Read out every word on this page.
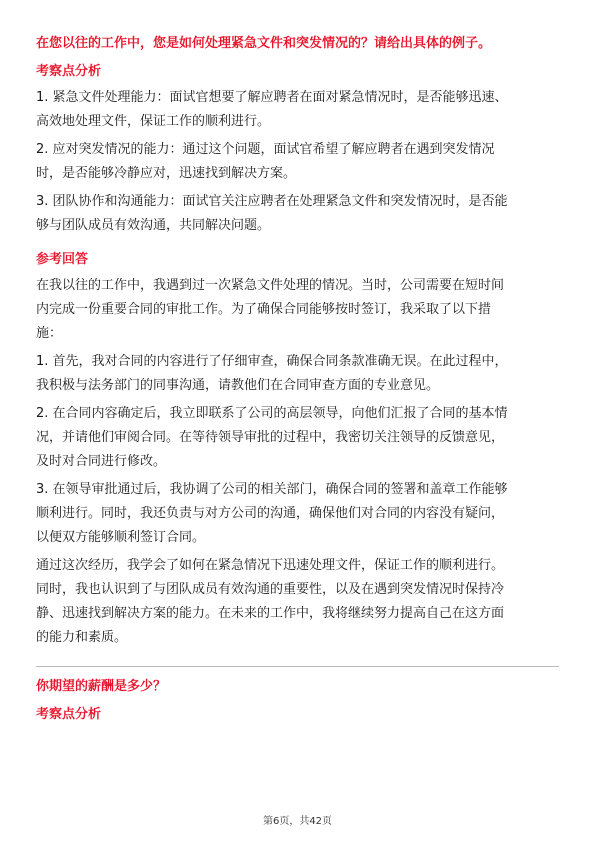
在您以往的工作中，您是如何处理紧急文件和突发情况的？请给出具体的例子。
考察点分析
1. 紧急文件处理能力：面试官想要了解应聘者在面对紧急情况时，是否能够迅速、
高效地处理文件，保证工作的顺利进行。
2. 应对突发情况的能力：通过这个问题，面试官希望了解应聘者在遇到突发情况
时，是否能够冷静应对，迅速找到解决方案。
3. 团队协作和沟通能力：面试官关注应聘者在处理紧急文件和突发情况时，是否能
够与团队成员有效沟通，共同解决问题。
参考回答
在我以往的工作中，我遇到过一次紧急文件处理的情况。当时，公司需要在短时间
内完成一份重要合同的审批工作。为了确保合同能够按时签订，我采取了以下措
施：
1. 首先，我对合同的内容进行了仔细审查，确保合同条款准确无误。在此过程中，
我积极与法务部门的同事沟通，请教他们在合同审查方面的专业意见。
2. 在合同内容确定后，我立即联系了公司的高层领导，向他们汇报了合同的基本情
况，并请他们审阅合同。在等待领导审批的过程中，我密切关注领导的反馈意见，
及时对合同进行修改。
3. 在领导审批通过后，我协调了公司的相关部门，确保合同的签署和盖章工作能够
顺利进行。同时，我还负责与对方公司的沟通，确保他们对合同的内容没有疑问，
以便双方能够顺利签订合同。
通过这次经历，我学会了如何在紧急情况下迅速处理文件，保证工作的顺利进行。
同时，我也认识到了与团队成员有效沟通的重要性，以及在遇到突发情况时保持冷
静、迅速找到解决方案的能力。在未来的工作中，我将继续努力提高自己在这方面
的能力和素质。
你期望的薪酬是多少？
考察点分析
第6页，共42页
